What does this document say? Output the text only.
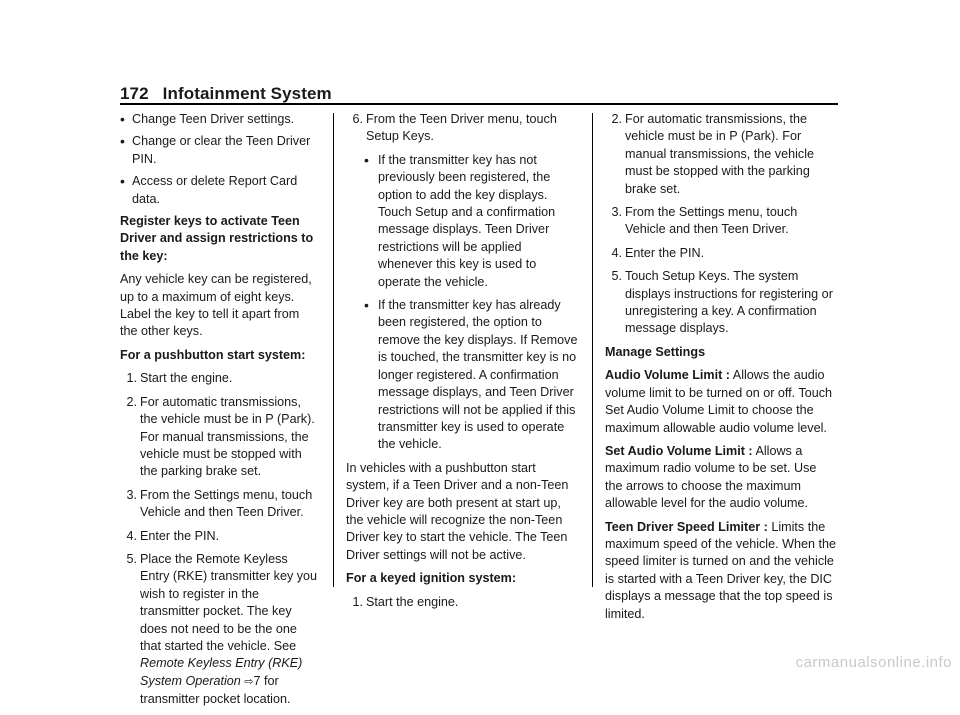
172 Infotainment System
• Change Teen Driver settings.
• Change or clear the Teen Driver PIN.
• Access or delete Report Card data.

Register keys to activate Teen Driver and assign restrictions to the key:

Any vehicle key can be registered, up to a maximum of eight keys. Label the key to tell it apart from the other keys.

For a pushbutton start system:

1. Start the engine.
2. For automatic transmissions, the vehicle must be in P (Park). For manual transmissions, the vehicle must be stopped with the parking brake set.
3. From the Settings menu, touch Vehicle and then Teen Driver.
4. Enter the PIN.
5. Place the Remote Keyless Entry (RKE) transmitter key you wish to register in the transmitter pocket. The key does not need to be the one that started the vehicle. See Remote Keyless Entry (RKE) System Operation ⇨7 for transmitter pocket location.
6. From the Teen Driver menu, touch Setup Keys.
• If the transmitter key has not previously been registered, the option to add the key displays. Touch Setup and a confirmation message displays. Teen Driver restrictions will be applied whenever this key is used to operate the vehicle.
• If the transmitter key has already been registered, the option to remove the key displays. If Remove is touched, the transmitter key is no longer registered. A confirmation message displays, and Teen Driver restrictions will not be applied if this transmitter key is used to operate the vehicle.

In vehicles with a pushbutton start system, if a Teen Driver and a non-Teen Driver key are both present at start up, the vehicle will recognize the non-Teen Driver key to start the vehicle. The Teen Driver settings will not be active.

For a keyed ignition system:

1. Start the engine.
2. For automatic transmissions, the vehicle must be in P (Park). For manual transmissions, the vehicle must be stopped with the parking brake set.
3. From the Settings menu, touch Vehicle and then Teen Driver.
4. Enter the PIN.
5. Touch Setup Keys. The system displays instructions for registering or unregistering a key. A confirmation message displays.

Manage Settings

Audio Volume Limit : Allows the audio volume limit to be turned on or off. Touch Set Audio Volume Limit to choose the maximum allowable audio volume level.

Set Audio Volume Limit : Allows a maximum radio volume to be set. Use the arrows to choose the maximum allowable level for the audio volume.

Teen Driver Speed Limiter : Limits the maximum speed of the vehicle. When the speed limiter is turned on and the vehicle is started with a Teen Driver key, the DIC displays a message that the top speed is limited.

carmanualsonline.info
